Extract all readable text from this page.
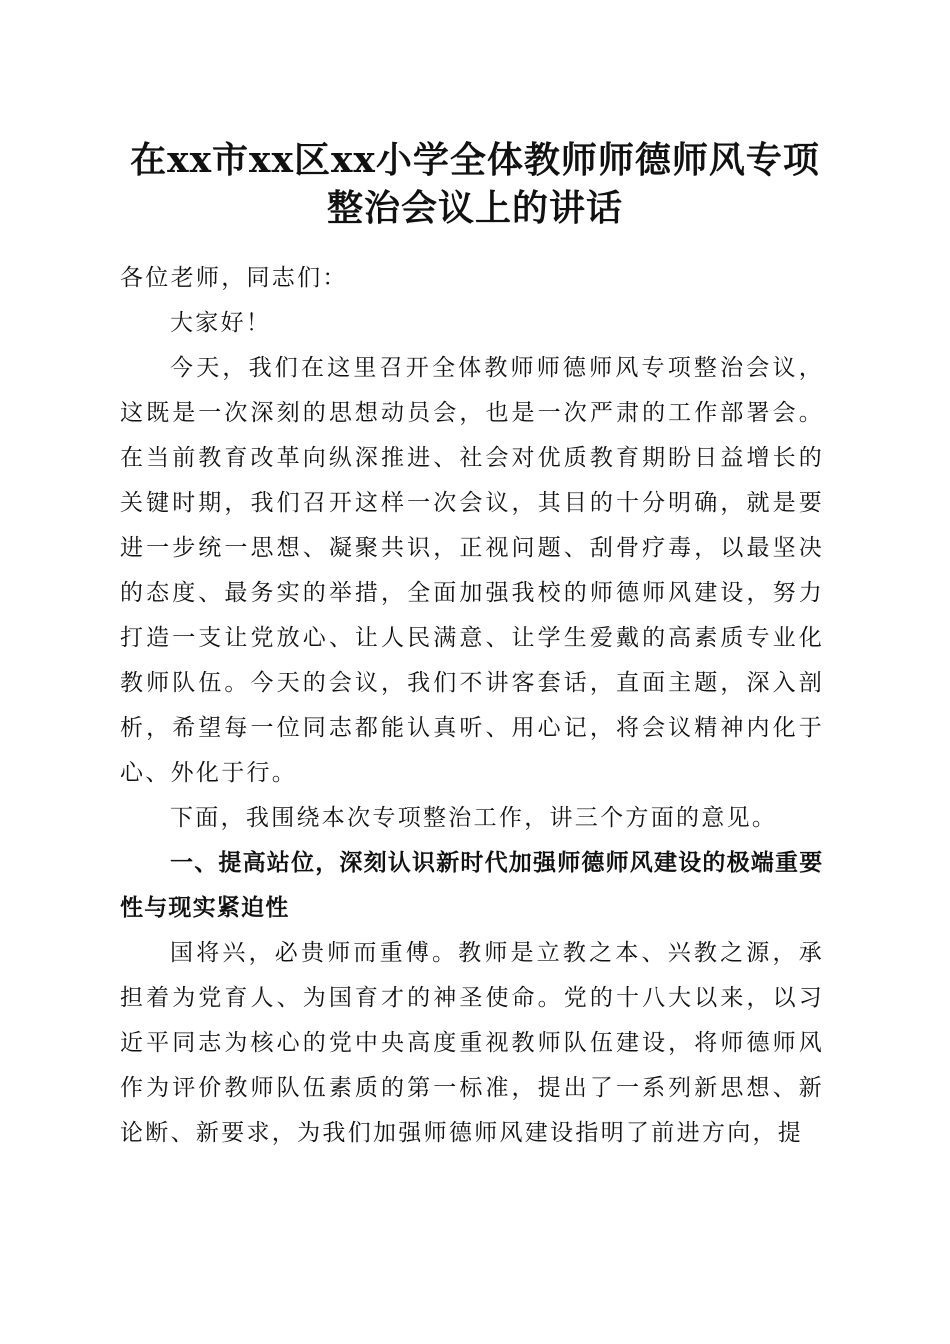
在xx市xx区xx小学全体教师师德师风专项
整治会议上的讲话

各位老师，同志们：

大家好！

今天，我们在这里召开全体教师师德师风专项整治会议，这既是一次深刻的思想动员会，也是一次严肃的工作部署会。在当前教育改革向纵深推进、社会对优质教育期盼日益增长的关键时期，我们召开这样一次会议，其目的十分明确，就是要进一步统一思想、凝聚共识，正视问题、刮骨疗毒，以最坚决的态度、最务实的举措，全面加强我校的师德师风建设，努力打造一支让党放心、让人民满意、让学生爱戴的高素质专业化教师队伍。今天的会议，我们不讲客套话，直面主题，深入剖析，希望每一位同志都能认真听、用心记，将会议精神内化于心、外化于行。

下面，我围绕本次专项整治工作，讲三个方面的意见。

一、提高站位，深刻认识新时代加强师德师风建设的极端重要性与现实紧迫性

国将兴，必贵师而重傅。教师是立教之本、兴教之源，承担着为党育人、为国育才的神圣使命。党的十八大以来，以习近平同志为核心的党中央高度重视教师队伍建设，将师德师风作为评价教师队伍素质的第一标准，提出了一系列新思想、新论断、新要求，为我们加强师德师风建设指明了前进方向，提
